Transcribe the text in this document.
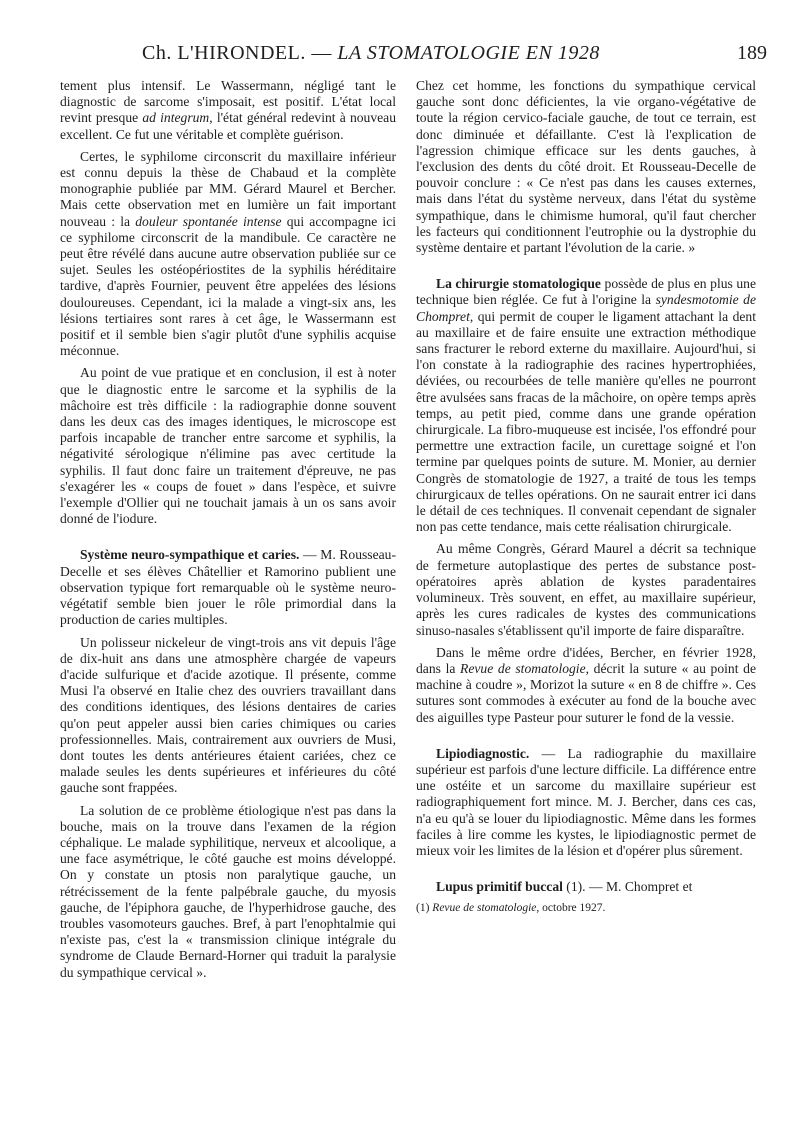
Ch. L'HIRONDEL. — LA STOMATOLOGIE EN 1928	189

tement plus intensif. Le Wassermann, négligé tant le diagnostic de sarcome s'imposait, est positif. L'état local revint presque ad integrum, l'état général redevint à nouveau excellent. Ce fut une véritable et complète guérison.

Certes, le syphilome circonscrit du maxillaire inférieur est connu depuis la thèse de Chabaud et la complète monographie publiée par MM. Gérard Maurel et Bercher. Mais cette observation met en lumière un fait important nouveau : la douleur spontanée intense qui accompagne ici ce syphilome circonscrit de la mandibule. Ce caractère ne peut être révélé dans aucune autre observation publiée sur ce sujet. Seules les ostéopériostites de la syphilis héréditaire tardive, d'après Fournier, peuvent être appelées des lésions douloureuses. Cependant, ici la malade a vingt-six ans, les lésions tertiaires sont rares à cet âge, le Wassermann est positif et il semble bien s'agir plutôt d'une syphilis acquise méconnue.

Au point de vue pratique et en conclusion, il est à noter que le diagnostic entre le sarcome et la syphilis de la mâchoire est très difficile : la radiographie donne souvent dans les deux cas des images identiques, le microscope est parfois incapable de trancher entre sarcome et syphilis, la négativité sérologique n'élimine pas avec certitude la syphilis. Il faut donc faire un traitement d'épreuve, ne pas s'exagérer les « coups de fouet » dans l'espèce, et suivre l'exemple d'Ollier qui ne touchait jamais à un os sans avoir donné de l'iodure.

Système neuro-sympathique et caries. — M. Rousseau-Decelle et ses élèves Châtellier et Ramorino publient une observation typique fort remarquable où le système neuro-végétatif semble bien jouer le rôle primordial dans la production de caries multiples.

Un polisseur nickeleur de vingt-trois ans vit depuis l'âge de dix-huit ans dans une atmosphère chargée de vapeurs d'acide sulfurique et d'acide azotique. Il présente, comme Musi l'a observé en Italie chez des ouvriers travaillant dans des conditions identiques, des lésions dentaires de caries qu'on peut appeler aussi bien caries chimiques ou caries professionnelles. Mais, contrairement aux ouvriers de Musi, dont toutes les dents antérieures étaient cariées, chez ce malade seules les dents supérieures et inférieures du côté gauche sont frappées.

La solution de ce problème étiologique n'est pas dans la bouche, mais on la trouve dans l'examen de la région céphalique. Le malade syphilitique, nerveux et alcoolique, a une face asymétrique, le côté gauche est moins développé. On y constate un ptosis non paralytique gauche, un rétrécissement de la fente palpébrale gauche, du myosis gauche, de l'épiphora gauche, de l'hyperhidrose gauche, des troubles vasomoteurs gauches. Bref, à part l'enophtalmie qui n'existe pas, c'est la « transmission clinique intégrale du syndrome de Claude Bernard-Horner qui traduit la paralysie du sympathique cervical ».

Chez cet homme, les fonctions du sympathique cervical gauche sont donc déficientes, la vie organo-végétative de toute la région cervico-faciale gauche, de tout ce terrain, est donc diminuée et défaillante. C'est là l'explication de l'agression chimique efficace sur les dents gauches, à l'exclusion des dents du côté droit. Et Rousseau-Decelle de pouvoir conclure : « Ce n'est pas dans les causes externes, mais dans l'état du système nerveux, dans l'état du système sympathique, dans le chimisme humoral, qu'il faut chercher les facteurs qui conditionnent l'eutrophie ou la dystrophie du système dentaire et partant l'évolution de la carie. »

La chirurgie stomatologique possède de plus en plus une technique bien réglée. Ce fut à l'origine la syndesmotomie de Chompret, qui permit de couper le ligament attachant la dent au maxillaire et de faire ensuite une extraction méthodique sans fracturer le rebord externe du maxillaire. Aujourd'hui, si l'on constate à la radiographie des racines hypertrophiées, déviées, ou recourbées de telle manière qu'elles ne pourront être avulsées sans fracas de la mâchoire, on opère temps après temps, au petit pied, comme dans une grande opération chirurgicale. La fibro-muqueuse est incisée, l'os effondré pour permettre une extraction facile, un curettage soigné et l'on termine par quelques points de suture. M. Monier, au dernier Congrès de stomatologie de 1927, a traité de tous les temps chirurgicaux de telles opérations. On ne saurait entrer ici dans le détail de ces techniques. Il convenait cependant de signaler non pas cette tendance, mais cette réalisation chirurgicale.

Au même Congrès, Gérard Maurel a décrit sa technique de fermeture autoplastique des pertes de substance post-opératoires après ablation de kystes paradentaires volumineux. Très souvent, en effet, au maxillaire supérieur, après les cures radicales de kystes des communications sinuso-nasales s'établissent qu'il importe de faire disparaître.

Dans le même ordre d'idées, Bercher, en février 1928, dans la Revue de stomatologie, décrit la suture « au point de machine à coudre », Morizot la suture « en 8 de chiffre ». Ces sutures sont commodes à exécuter au fond de la bouche avec des aiguilles type Pasteur pour suturer le fond de la vessie.

Lipiodiagnostic. — La radiographie du maxillaire supérieur est parfois d'une lecture difficile. La différence entre une ostéite et un sarcome du maxillaire supérieur est radiographiquement fort mince. M. J. Bercher, dans ces cas, n'a eu qu'à se louer du lipiodiagnostic. Même dans les formes faciles à lire comme les kystes, le lipiodiagnostic permet de mieux voir les limites de la lésion et d'opérer plus sûrement.

Lupus primitif buccal (1). — M. Chompret et

(1) Revue de stomatologie, octobre 1927.
